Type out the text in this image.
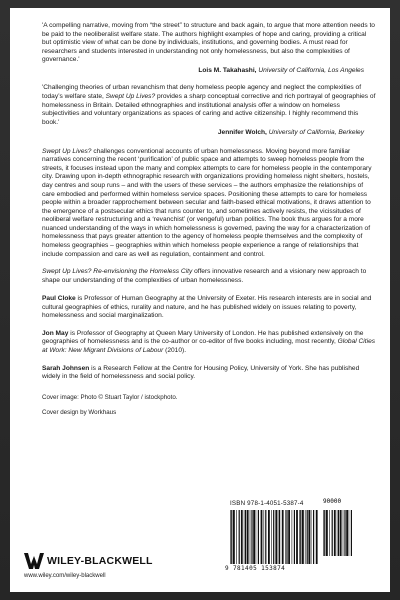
'A compelling narrative, moving from “the street” to structure and back again, to argue that more attention needs to be paid to the neoliberalist welfare state. The authors highlight examples of hope and caring, providing a critical but optimistic view of what can be done by individuals, institutions, and governing bodies. A must read for researchers and students interested in understanding not only homelessness, but also the complexities of governance.'

Lois M. Takahashi, University of California, Los Angeles

'Challenging theories of urban revanchism that deny homeless people agency and neglect the complexities of today’s welfare state, Swept Up Lives? provides a sharp conceptual corrective and rich portrayal of geographies of homelessness in Britain. Detailed ethnographies and institutional analysis offer a window on homeless subjectivities and voluntary organizations as spaces of caring and active citizenship. I highly recommend this book.'

Jennifer Wolch, University of California, Berkeley

Swept Up Lives? challenges conventional accounts of urban homelessness. Moving beyond more familiar narratives concerning the recent ‘purification’ of public space and attempts to sweep homeless people from the streets, it focuses instead upon the many and complex attempts to care for homeless people in the contemporary city. Drawing upon in-depth ethnographic research with organizations providing homeless night shelters, hostels, day centres and soup runs – and with the users of these services – the authors emphasize the relationships of care embodied and performed within homeless service spaces. Positioning these attempts to care for homeless people within a broader rapprochement between secular and faith-based ethical motivations, it draws attention to the emergence of a postsecular ethics that runs counter to, and sometimes actively resists, the vicissitudes of neoliberal welfare restructuring and a ‘revanchist’ (or vengeful) urban politics. The book thus argues for a more nuanced understanding of the ways in which homelessness is governed, paving the way for a characterization of homelessness that pays greater attention to the agency of homeless people themselves and the complexity of homeless geographies – geographies within which homeless people experience a range of relationships that include compassion and care as well as regulation, containment and control.

Swept Up Lives? Re-envisioning the Homeless City offers innovative research and a visionary new approach to shape our understanding of the complexities of urban homelessness.

Paul Cloke is Professor of Human Geography at the University of Exeter. His research interests are in social and cultural geographies of ethics, rurality and nature, and he has published widely on issues relating to poverty, homelessness and social marginalization.

Jon May is Professor of Geography at Queen Mary University of London. He has published extensively on the geographies of homelessness and is the co-author or co-editor of five books including, most recently, Global Cities at Work: New Migrant Divisions of Labour (2010).

Sarah Johnsen is a Research Fellow at the Centre for Housing Policy, University of York. She has published widely in the field of homelessness and social policy.

Cover image: Photo © Stuart Taylor / istockphoto.

Cover design by Workhaus

ISBN 978-1-4051-5387-4	90000
9 781405 153874
WILEY-BLACKWELL
www.wiley.com/wiley-blackwell
